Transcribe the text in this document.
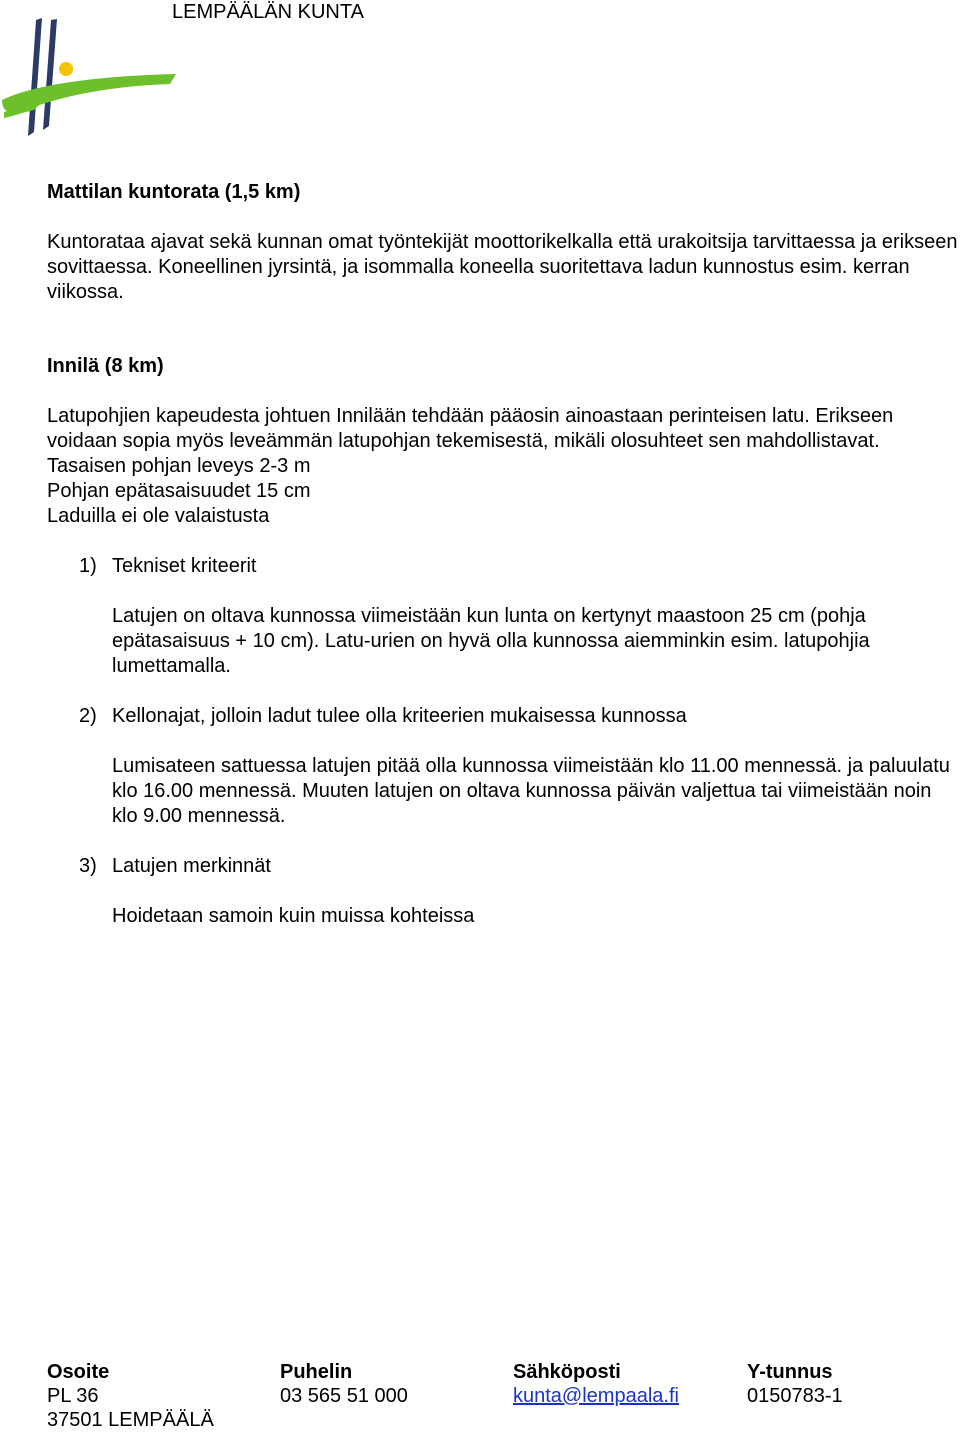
LEMPÄÄLÄN KUNTA
Mattilan kuntorata (1,5 km)
Kuntorataa ajavat sekä kunnan omat työntekijät moottorikelkalla että urakoitsija tarvittaessa ja erikseen sovittaessa. Koneellinen jyrsintä, ja isommalla koneella suoritettava ladun kunnostus esim. kerran viikossa.
Innilä (8 km)
Latupohjien kapeudesta johtuen Innilään tehdään pääosin ainoastaan perinteisen latu. Erikseen voidaan sopia myös leveämmän latupohjan tekemisestä, mikäli olosuhteet sen mahdollistavat.
Tasaisen pohjan leveys 2-3 m
Pohjan epätasaisuudet 15 cm
Laduilla ei ole valaistusta
1) Tekniset kriteerit
Latujen on oltava kunnossa viimeistään kun lunta on kertynyt maastoon 25 cm (pohja epätasaisuus + 10 cm). Latu-urien on hyvä olla kunnossa aiemminkin esim. latupohjia lumettamalla.
2) Kellonajat, jolloin ladut tulee olla kriteerien mukaisessa kunnossa
Lumisateen sattuessa latujen pitää olla kunnossa viimeistään klo 11.00 mennessä. ja paluulatu klo 16.00 mennessä. Muuten latujen on oltava kunnossa päivän valjettua tai viimeistään noin klo 9.00 mennessä.
3) Latujen merkinnät
Hoidetaan samoin kuin muissa kohteissa
Osoite
PL 36
37501 LEMPÄÄLÄ
Puhelin
03 565 51 000
Sähköposti
kunta@lempaala.fi
Y-tunnus
0150783-1
